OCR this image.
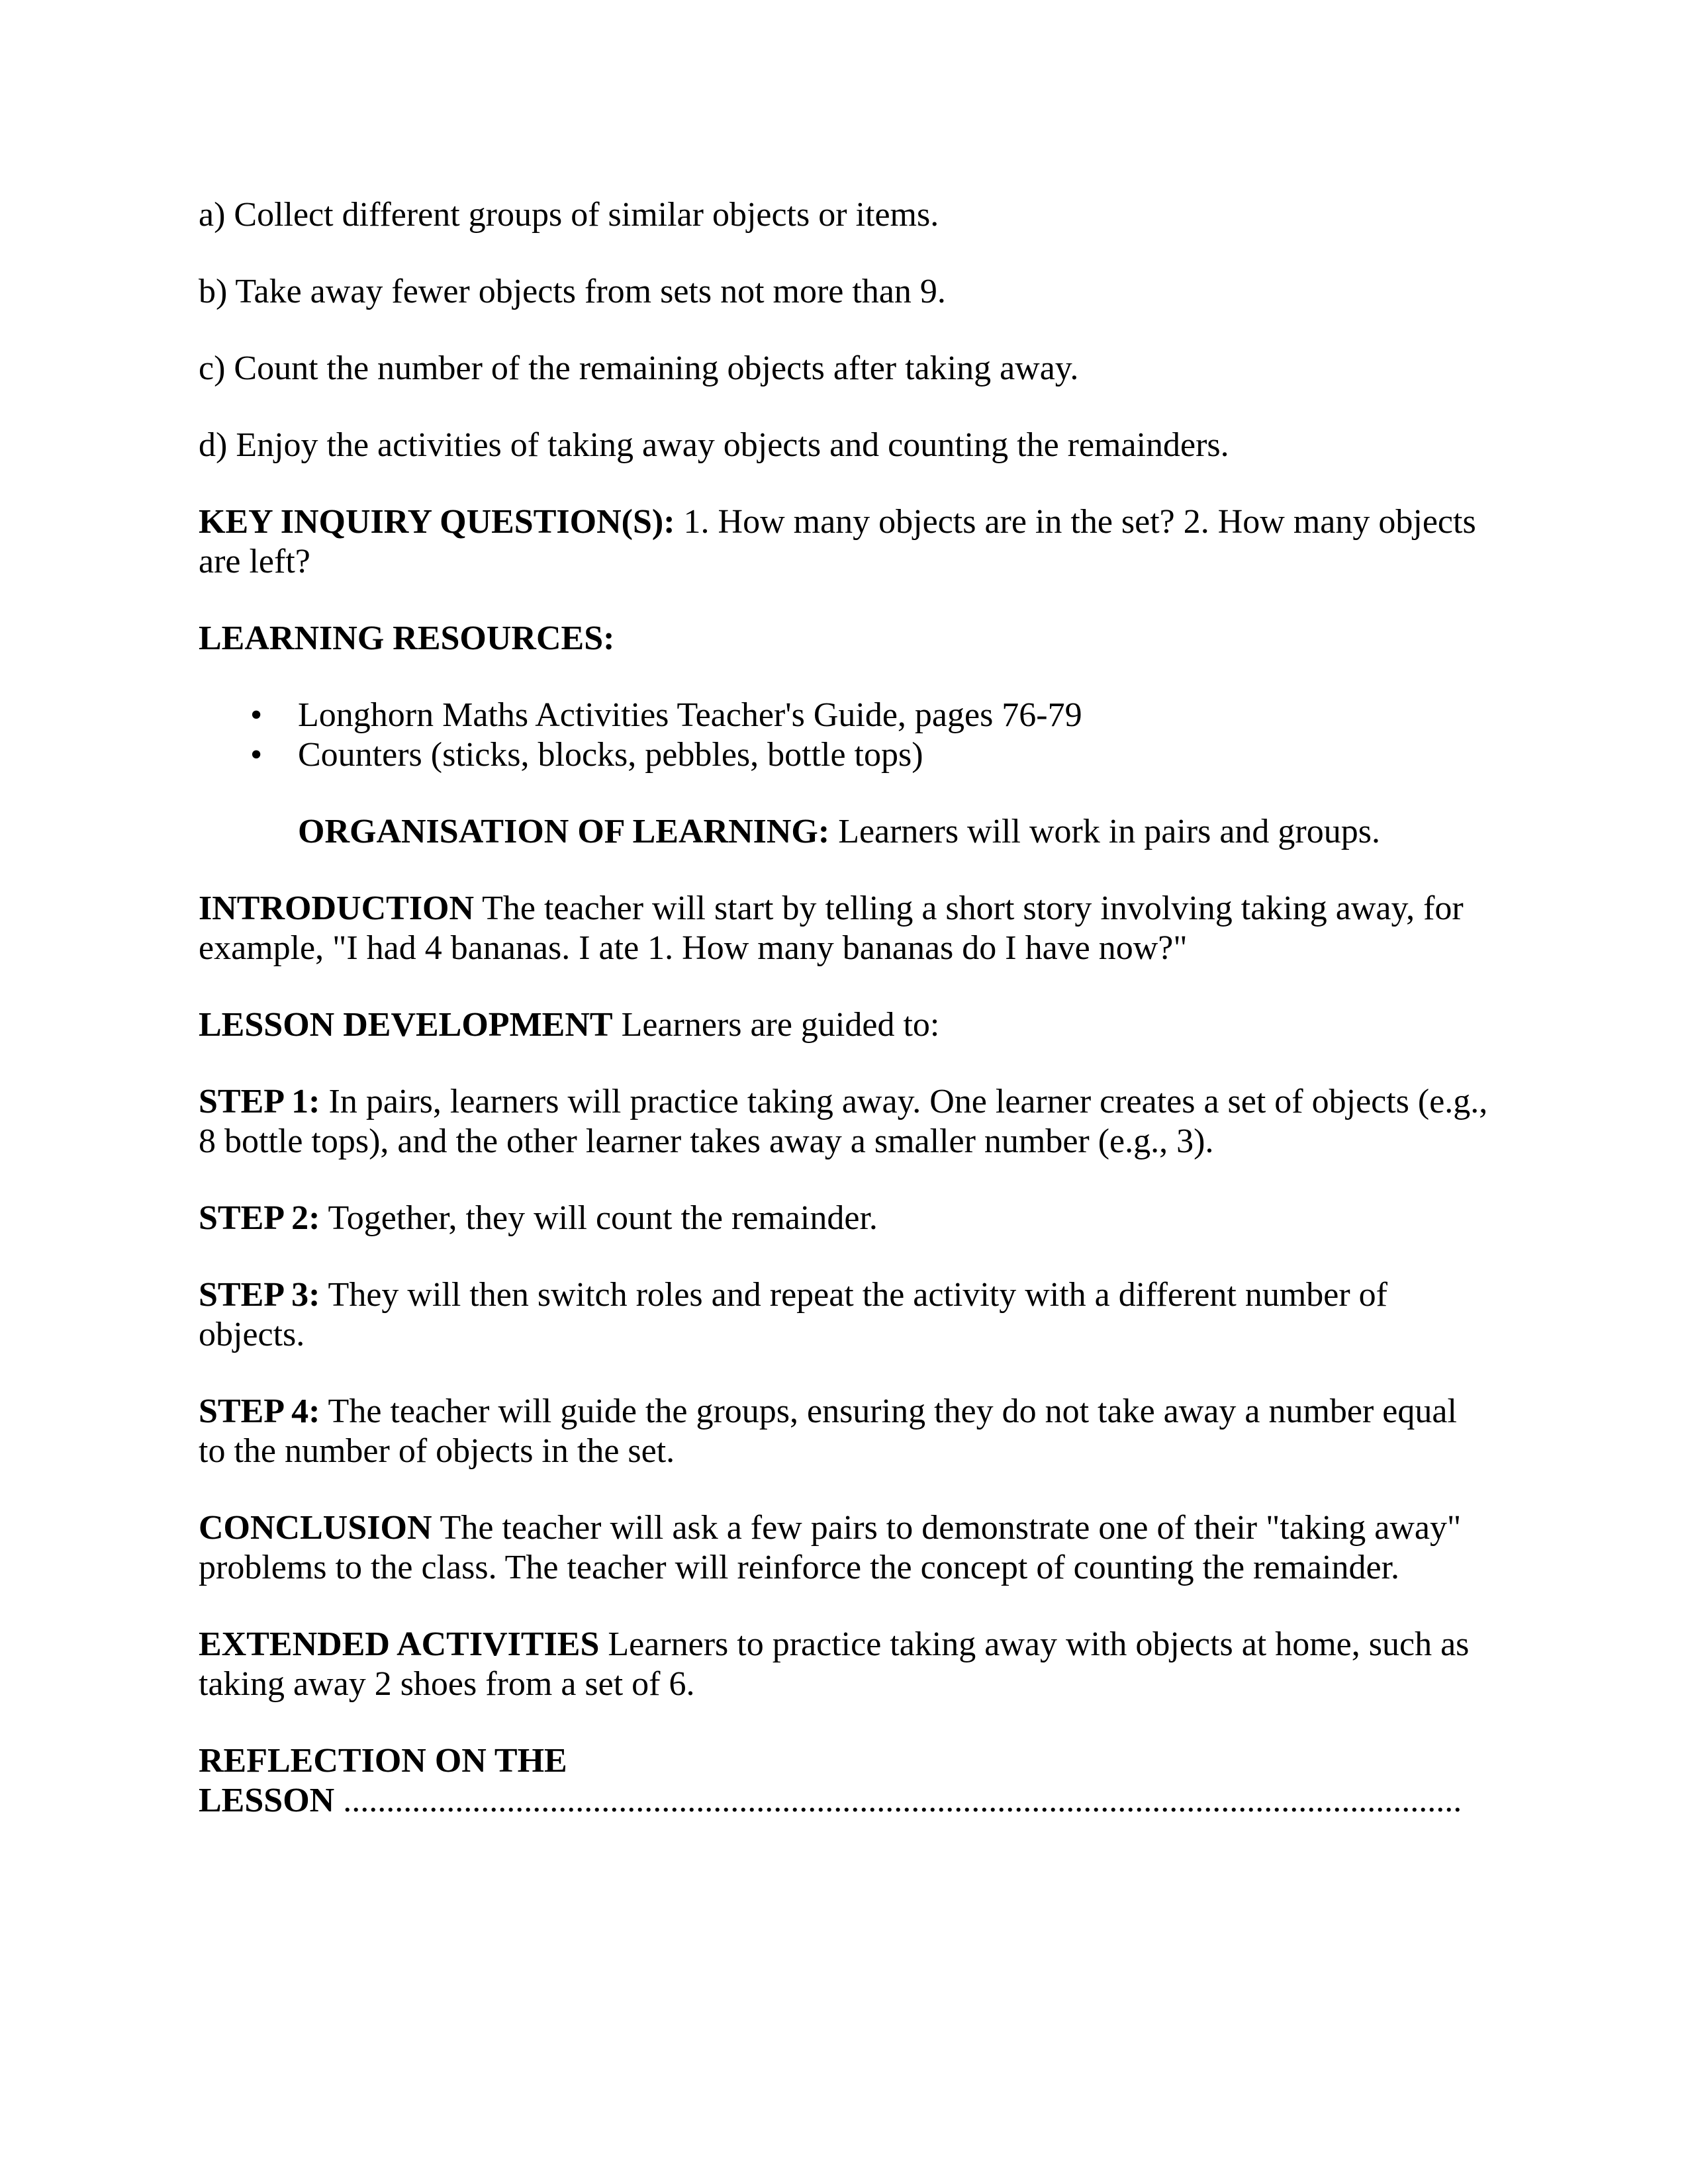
a) Collect different groups of similar objects or items.

b) Take away fewer objects from sets not more than 9.

c) Count the number of the remaining objects after taking away.

d) Enjoy the activities of taking away objects and counting the remainders.

KEY INQUIRY QUESTION(S): 1. How many objects are in the set? 2. How many objects are left?

LEARNING RESOURCES:

• Longhorn Maths Activities Teacher's Guide, pages 76-79
• Counters (sticks, blocks, pebbles, bottle tops)

ORGANISATION OF LEARNING: Learners will work in pairs and groups.

INTRODUCTION The teacher will start by telling a short story involving taking away, for example, "I had 4 bananas. I ate 1. How many bananas do I have now?"

LESSON DEVELOPMENT Learners are guided to:

STEP 1: In pairs, learners will practice taking away. One learner creates a set of objects (e.g., 8 bottle tops), and the other learner takes away a smaller number (e.g., 3).

STEP 2: Together, they will count the remainder.

STEP 3: They will then switch roles and repeat the activity with a different number of objects.

STEP 4: The teacher will guide the groups, ensuring they do not take away a number equal to the number of objects in the set.

CONCLUSION The teacher will ask a few pairs to demonstrate one of their "taking away" problems to the class. The teacher will reinforce the concept of counting the remainder.

EXTENDED ACTIVITIES Learners to practice taking away with objects at home, such as taking away 2 shoes from a set of 6.

REFLECTION ON THE LESSON ..................................................................................................................................
